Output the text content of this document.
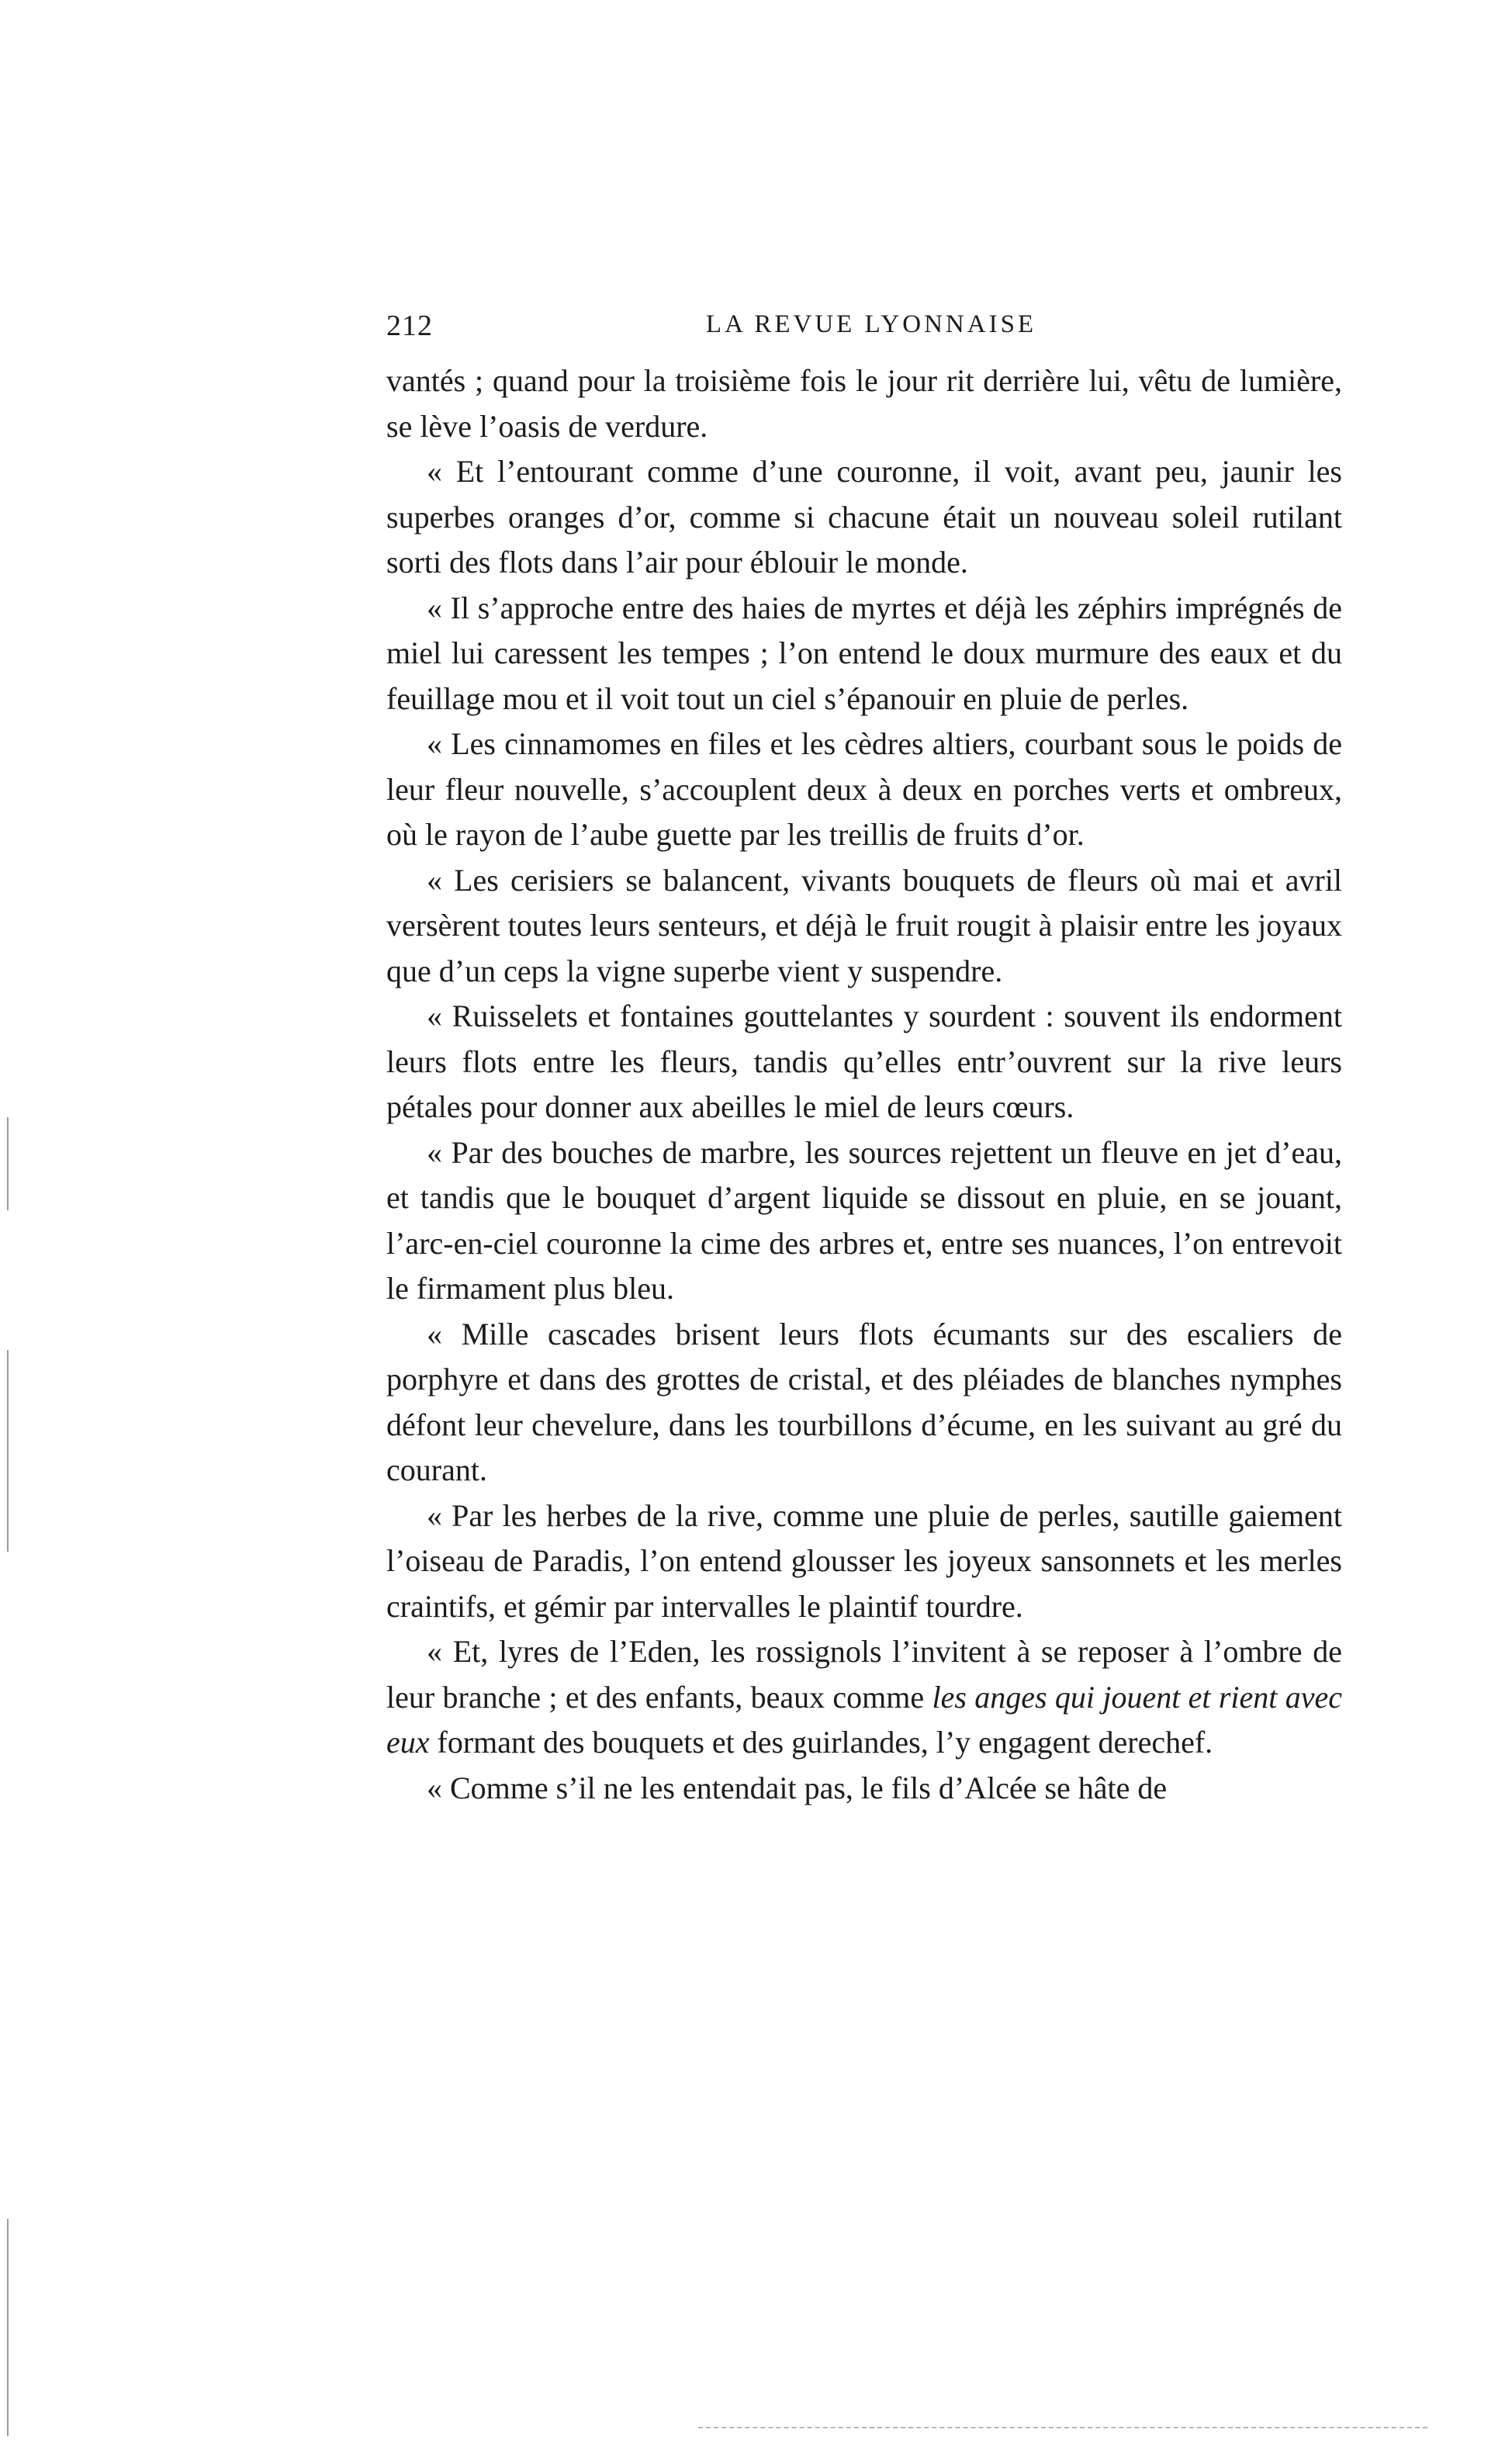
212	LA REVUE LYONNAISE

vantés ; quand pour la troisième fois le jour rit derrière lui, vêtu de lumière, se lève l’oasis de verdure.

« Et l’entourant comme d’une couronne, il voit, avant peu, jaunir les superbes oranges d’or, comme si chacune était un nouveau soleil rutilant sorti des flots dans l’air pour éblouir le monde.

« Il s’approche entre des haies de myrtes et déjà les zéphirs imprégnés de miel lui caressent les tempes ; l’on entend le doux murmure des eaux et du feuillage mou et il voit tout un ciel s’épanouir en pluie de perles.

« Les cinnamomes en files et les cèdres altiers, courbant sous le poids de leur fleur nouvelle, s’accouplent deux à deux en porches verts et ombreux, où le rayon de l’aube guette par les treillis de fruits d’or.

« Les cerisiers se balancent, vivants bouquets de fleurs où mai et avril versèrent toutes leurs senteurs, et déjà le fruit rougit à plaisir entre les joyaux que d’un ceps la vigne superbe vient y suspendre.

« Ruisselets et fontaines gouttelantes y sourdent : souvent ils endorment leurs flots entre les fleurs, tandis qu’elles entr’ouvrent sur la rive leurs pétales pour donner aux abeilles le miel de leurs cœurs.

« Par des bouches de marbre, les sources rejettent un fleuve en jet d’eau, et tandis que le bouquet d’argent liquide se dissout en pluie, en se jouant, l’arc-en-ciel couronne la cime des arbres et, entre ses nuances, l’on entrevoit le firmament plus bleu.

« Mille cascades brisent leurs flots écumants sur des escaliers de porphyre et dans des grottes de cristal, et des pléiades de blanches nymphes défont leur chevelure, dans les tourbillons d’écume, en les suivant au gré du courant.

« Par les herbes de la rive, comme une pluie de perles, sautille gaiement l’oiseau de Paradis, l’on entend glousser les joyeux sansonnets et les merles craintifs, et gémir par intervalles le plaintif tourdre.

« Et, lyres de l’Eden, les rossignols l’invitent à se reposer à l’ombre de leur branche ; et des enfants, beaux comme les anges qui jouent et rient avec eux formant des bouquets et des guirlandes, l’y engagent derechef.

« Comme s’il ne les entendait pas, le fils d’Alcée se hâte de
